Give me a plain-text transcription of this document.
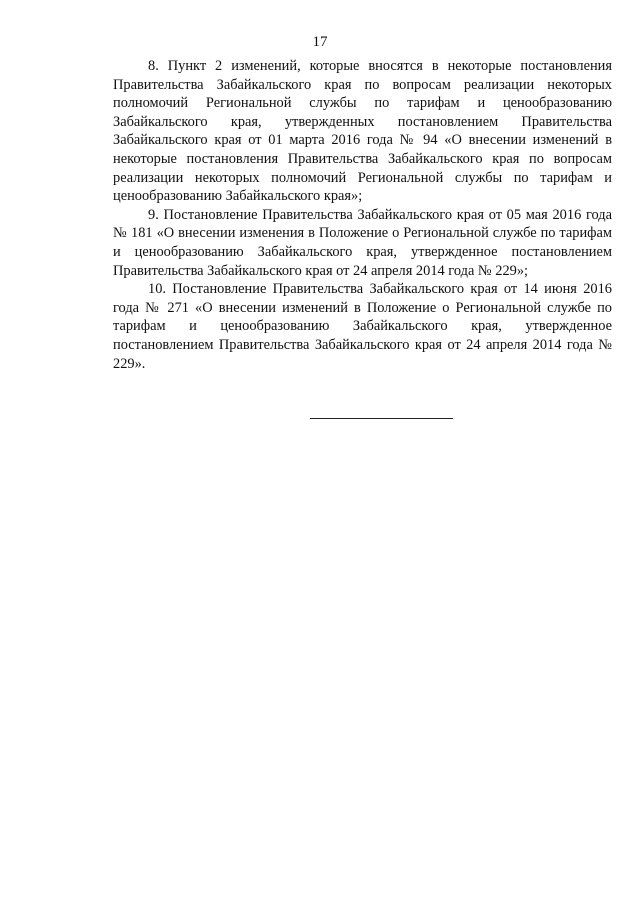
17

8. Пункт 2 изменений, которые вносятся в некоторые постановления Правительства Забайкальского края по вопросам реализации некоторых полномочий Региональной службы по тарифам и ценообразованию Забайкальского края, утвержденных постановлением Правительства Забайкальского края от 01 марта 2016 года № 94 «О внесении изменений в некоторые постановления Правительства Забайкальского края по вопросам реализации некоторых полномочий Региональной службы по тарифам и ценообразованию Забайкальского края»;

9. Постановление Правительства Забайкальского края от 05 мая 2016 года № 181 «О внесении изменения в Положение о Региональной службе по тарифам и ценообразованию Забайкальского края, утвержденное постановлением Правительства Забайкальского края от 24 апреля 2014 года № 229»;

10. Постановление Правительства Забайкальского края от 14 июня 2016 года № 271 «О внесении изменений в Положение о Региональной службе по тарифам и ценообразованию Забайкальского края, утвержденное постановлением Правительства Забайкальского края от 24 апреля 2014 года № 229».
